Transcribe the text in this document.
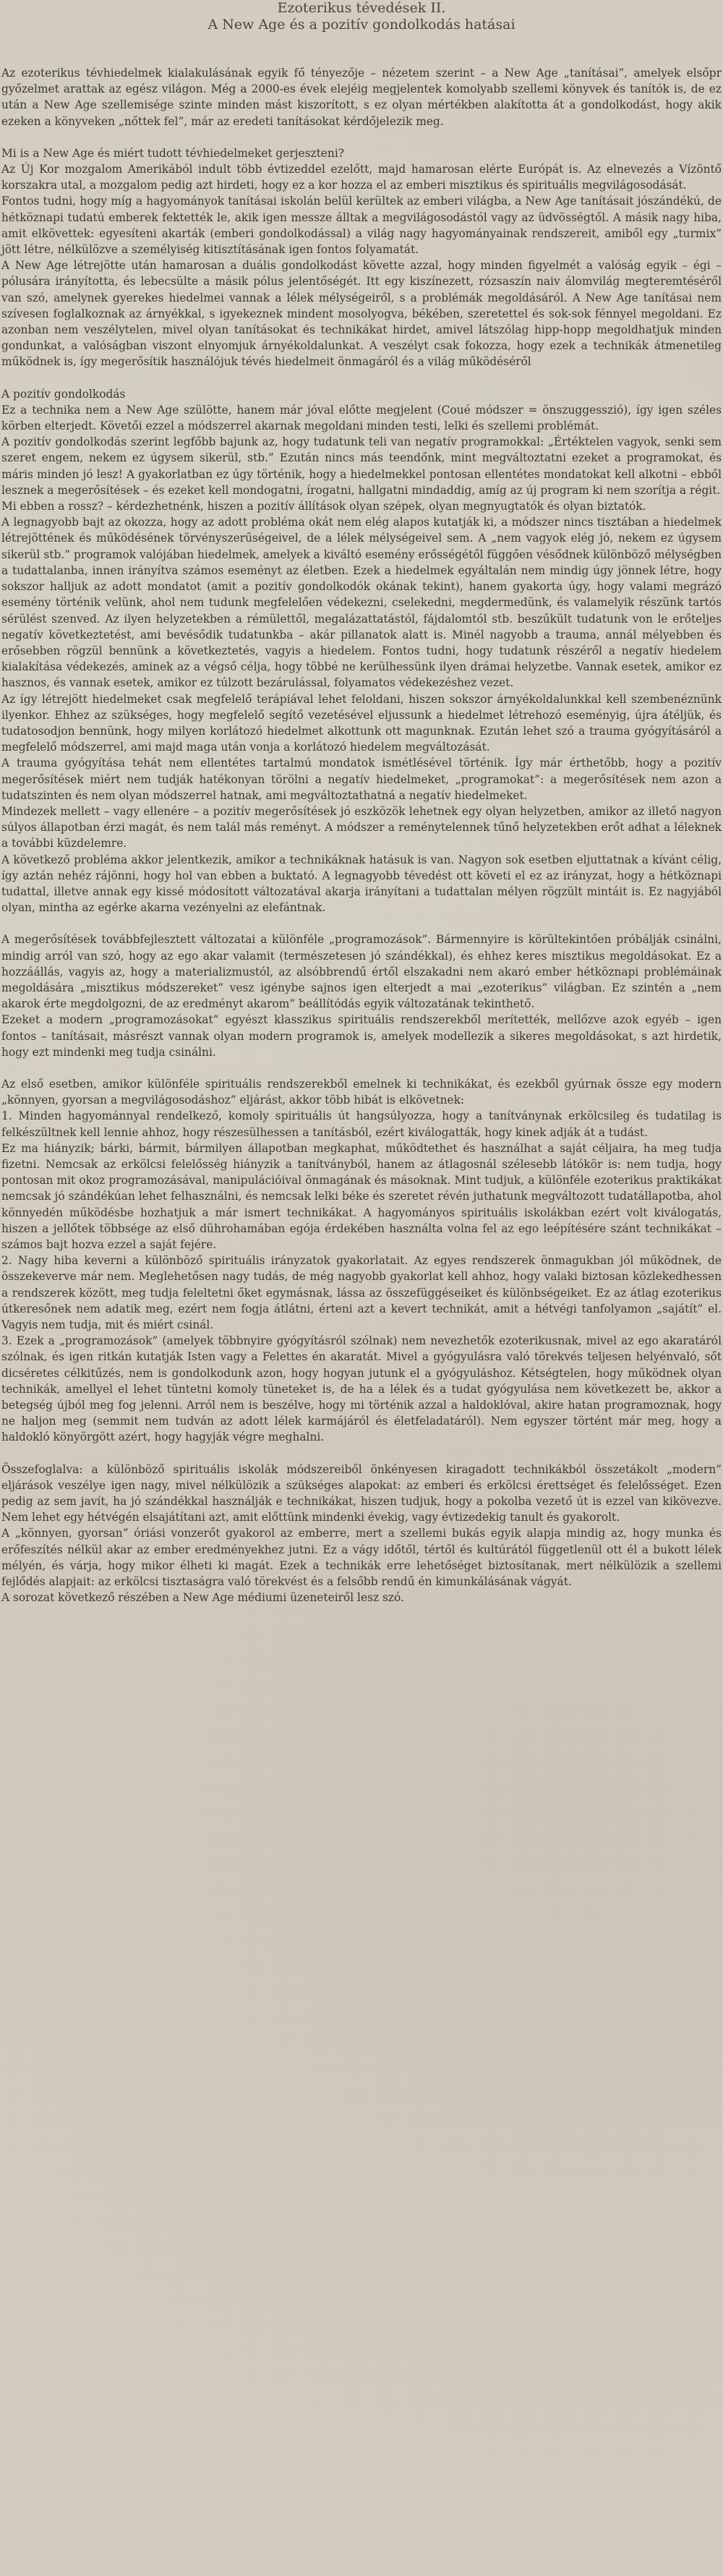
Ezoterikus tévedések II.
A New Age és a pozitív gondolkodás hatásai

Az ezoterikus tévhiedelmek kialakulásának egyik fő tényezője – nézetem szerint – a New Age „tanításai”, amelyek elsőpr győzelmet arattak az egész világon. Még a 2000-es évek elejéig megjelentek komolyabb szellemi könyvek és tanítók is, de ez után a New Age szellemisége szinte minden mást kiszorított, s ez olyan mértékben alakította át a gondolkodást, hogy akik ezeken a könyveken „nőttek fel”, már az eredeti tanításokat kérdőjelezik meg.

Mi is a New Age és miért tudott tévhiedelmeket gerjeszteni?

Az Új Kor mozgalom Amerikából indult több évtizeddel ezelőtt, majd hamarosan elérte Európát is. Az elnevezés a Vízöntő korszakra utal, a mozgalom pedig azt hirdeti, hogy ez a kor hozza el az emberi misztikus és spirituális megvilágosodását.

Fontos tudni, hogy míg a hagyományok tanításai iskolán belül kerültek az emberi világba, a New Age tanításait jószándékú, de hétköznapi tudatú emberek fektették le, akik igen messze álltak a megvilágosodástól vagy az üdvösségtől. A másik nagy hiba, amit elkövettek: egyesíteni akarták (emberi gondolkodással) a világ nagy hagyományainak rendszereit, amiből egy „turmix” jött létre, nélkülözve a személyiség kitisztításának igen fontos folyamatát.

A New Age létrejötte után hamarosan a duális gondolkodást követte azzal, hogy minden figyelmét a valóság egyik – égi – pólusára irányította, és lebecsülte a másik pólus jelentőségét. Itt egy kiszínezett, rózsaszín naiv álomvilág megteremtéséről van szó, amelynek gyerekes hiedelmei vannak a lélek mélységeiről, s a problémák megoldásáról. A New Age tanításai nem szívesen foglalkoznak az árnyékkal, s igyekeznek mindent mosolyogva, békében, szeretettel és sok-sok fénnyel megoldani. Ez azonban nem veszélytelen, mivel olyan tanításokat és technikákat hirdet, amivel látszólag hipp-hopp megoldhatjuk minden gondunkat, a valóságban viszont elnyomjuk árnyékoldalunkat. A veszélyt csak fokozza, hogy ezek a technikák átmenetileg működnek is, így megerősítik használójuk tévés hiedelmeit önmagáról és a világ működéséről

A pozitív gondolkodás

Ez a technika nem a New Age szülötte, hanem már jóval előtte megjelent (Coué módszer = önszuggesszió), így igen széles körben elterjedt. Követői ezzel a módszerrel akarnak megoldani minden testi, lelki és szellemi problémát.

A pozitív gondolkodás szerint legfőbb bajunk az, hogy tudatunk teli van negatív programokkal: „Értéktelen vagyok, senki sem szeret engem, nekem ez úgysem sikerül, stb.” Ezután nincs más teendőnk, mint megváltoztatni ezeket a programokat, és máris minden jó lesz! A gyakorlatban ez úgy történik, hogy a hiedelmekkel pontosan ellentétes mondatokat kell alkotni – ebből lesznek a megerősítések – és ezeket kell mondogatni, írogatni, hallgatni mindaddig, amíg az új program ki nem szorítja a régit.

Mi ebben a rossz? – kérdezhetnénk, hiszen a pozitív állítások olyan szépek, olyan megnyugtatók és olyan biztatók.

A legnagyobb bajt az okozza, hogy az adott probléma okát nem elég alapos kutatják ki, a módszer nincs tisztában a hiedelmek létrejöttének és működésének törvényszerűségeivel, de a lélek mélységeivel sem. A „nem vagyok elég jó, nekem ez úgysem sikerül stb.” programok valójában hiedelmek, amelyek a kiváltó esemény erősségétől függően vésődnek különböző mélységben a tudattalanba, innen irányítva számos eseményt az életben. Ezek a hiedelmek egyáltalán nem mindig úgy jönnek létre, hogy sokszor halljuk az adott mondatot (amit a pozitív gondolkodók okának tekint), hanem gyakorta úgy, hogy valami megrázó esemény történik velünk, ahol nem tudunk megfelelően védekezni, cselekedni, megdermedünk, és valamelyik részünk tartós sérülést szenved. Az ilyen helyzetekben a rémülettől, megalázattatástól, fájdalomtól stb. beszűkült tudatunk von le erőteljes negatív következtetést, ami bevésődik tudatunkba – akár pillanatok alatt is. Minél nagyobb a trauma, annál mélyebben és erősebben rögzül bennünk a következtetés, vagyis a hiedelem. Fontos tudni, hogy tudatunk részéről a negatív hiedelem kialakítása védekezés, aminek az a végső célja, hogy többé ne kerülhessünk ilyen drámai helyzetbe. Vannak esetek, amikor ez hasznos, és vannak esetek, amikor ez túlzott bezárulással, folyamatos védekezéshez vezet.

Az így létrejött hiedelmeket csak megfelelő terápiával lehet feloldani, hiszen sokszor árnyékoldalunkkal kell szembenéznünk ilyenkor. Ehhez az szükséges, hogy megfelelő segítő vezetésével eljussunk a hiedelmet létrehozó eseményig, újra átéljük, és tudatosodjon bennünk, hogy milyen korlátozó hiedelmet alkottunk ott magunknak. Ezután lehet szó a trauma gyógyításáról a megfelelő módszerrel, ami majd maga után vonja a korlátozó hiedelem megváltozását.

A trauma gyógyítása tehát nem ellentétes tartalmú mondatok ismétlésével történik. Így már érthetőbb, hogy a pozitív megerősítések miért nem tudják hatékonyan törölni a negatív hiedelmeket, „programokat”: a megerősítések nem azon a tudatszinten és nem olyan módszerrel hatnak, ami megváltoztathatná a negatív hiedelmeket.

Mindezek mellett – vagy ellenére – a pozitív megerősítések jó eszközök lehetnek egy olyan helyzetben, amikor az illető nagyon súlyos állapotban érzi magát, és nem talál más reményt. A módszer a reménytelennek tűnő helyzetekben erőt adhat a léleknek a további küzdelemre.

A következő probléma akkor jelentkezik, amikor a technikáknak hatásuk is van. Nagyon sok esetben eljuttatnak a kívánt célig, így aztán nehéz rájönni, hogy hol van ebben a buktató. A legnagyobb tévedést ott követi el ez az irányzat, hogy a hétköznapi tudattal, illetve annak egy kissé módosított változatával akarja irányítani a tudattalan mélyen rögzült mintáit is. Ez nagyjából olyan, mintha az egérke akarna vezényelni az elefántnak.

A megerősítések továbbfejlesztett változatai a különféle „programozások”. Bármennyire is körültekintően próbálják csinálni, mindig arról van szó, hogy az ego akar valamit (természetesen jó szándékkal), és ehhez keres misztikus megoldásokat. Ez a hozzáállás, vagyis az, hogy a materializmustól, az alsóbbrendű értől elszakadni nem akaró ember hétköznapi problémáinak megoldására „misztikus módszereket” vesz igénybe sajnos igen elterjedt a mai „ezoterikus” világban. Ez szintén a „nem akarok érte megdolgozni, de az eredményt akarom” beállítódás egyik változatának tekinthető.

Ezeket a modern „programozásokat” egyészt klasszikus spirituális rendszerekből merítették, mellőzve azok egyéb – igen fontos – tanításait, másrészt vannak olyan modern programok is, amelyek modellezik a sikeres megoldásokat, s azt hirdetik, hogy ezt mindenki meg tudja csinálni.

Az első esetben, amikor különféle spirituális rendszerekből emelnek ki technikákat, és ezekből gyúrnak össze egy modern „könnyen, gyorsan a megvilágosodáshoz” eljárást, akkor több hibát is elkövetnek:

1. Minden hagyománnyal rendelkező, komoly spirituális út hangsúlyozza, hogy a tanítványnak erkölcsileg és tudatilag is felkészültnek kell lennie ahhoz, hogy részesülhessen a tanításból, ezért kiválogatták, hogy kinek adják át a tudást.

Ez ma hiányzik; bárki, bármit, bármilyen állapotban megkaphat, működtethet és használhat a saját céljaira, ha meg tudja fizetni. Nemcsak az erkölcsi felelősség hiányzik a tanítványból, hanem az átlagosnál szélesebb látókör is: nem tudja, hogy pontosan mit okoz programozásával, manipulációival önmagának és másoknak. Mint tudjuk, a különféle ezoterikus praktikákat nemcsak jó szándékúan lehet felhasználni, és nemcsak lelki béke és szeretet révén juthatunk megváltozott tudatállapotba, ahol könnyedén működésbe hozhatjuk a már ismert technikákat. A hagyományos spirituális iskolákban ezért volt kiválogatás, hiszen a jellőtek többsége az első dührohamában egója érdekében használta volna fel az ego leépítésére szánt technikákat – számos bajt hozva ezzel a saját fejére.

2. Nagy hiba keverni a különböző spirituális irányzatok gyakorlatait. Az egyes rendszerek önmagukban jól működnek, de összekeverve már nem. Meglehetősen nagy tudás, de még nagyobb gyakorlat kell ahhoz, hogy valaki biztosan közlekedhessen a rendszerek között, meg tudja feleltetni őket egymásnak, lássa az összefüggéseiket és különbségeiket. Ez az átlag ezoterikus útkeresőnek nem adatik meg, ezért nem fogja átlátni, érteni azt a kevert technikát, amit a hétvégi tanfolyamon „sajátít” el. Vagyis nem tudja, mit és miért csinál.

3. Ezek a „programozások” (amelyek többnyire gyógyításról szólnak) nem nevezhetők ezoterikusnak, mivel az ego akaratáról szólnak, és igen ritkán kutatják Isten vagy a Felettes én akaratát. Mivel a gyógyulásra való törekvés teljesen helyénvaló, sőt dicséretes célkitűzés, nem is gondolkodunk azon, hogy hogyan jutunk el a gyógyuláshoz. Kétségtelen, hogy működnek olyan technikák, amellyel el lehet tüntetni komoly tüneteket is, de ha a lélek és a tudat gyógyulása nem következett be, akkor a betegség újból meg fog jelenni. Arról nem is beszélve, hogy mi történik azzal a haldoklóval, akire hatan programoznak, hogy ne haljon meg (semmit nem tudván az adott lélek karmájáról és életfeladatáról). Nem egyszer történt már meg, hogy a haldokló könyörgött azért, hogy hagyják végre meghalni.

Összefoglalva: a különböző spirituális iskolák módszereiből önkényesen kiragadott technikákból összetákolt „modern” eljárások veszélye igen nagy, mivel nélkülözik a szükséges alapokat: az emberi és erkölcsi érettséget és felelősséget. Ezen pedig az sem javít, ha jó szándékkal használják e technikákat, hiszen tudjuk, hogy a pokolba vezető út is ezzel van kikövezve. Nem lehet egy hétvégén elsajátítani azt, amit előttünk mindenki évekig, vagy évtizedekig tanult és gyakorolt.

A „könnyen, gyorsan” óriási vonzerőt gyakorol az emberre, mert a szellemi bukás egyik alapja mindig az, hogy munka és erőfeszítés nélkül akar az ember eredményekhez jutni. Ez a vágy időtől, tértől és kultúrától függetlenül ott él a bukott lélek mélyén, és várja, hogy mikor élheti ki magát. Ezek a technikák erre lehetőséget biztosítanak, mert nélkülözik a szellemi fejlődés alapjait: az erkölcsi tisztaságra való törekvést és a felsőbb rendű én kimunkálásának vágyát.

A sorozat következő részében a New Age médiumi üzeneteiről lesz szó.
